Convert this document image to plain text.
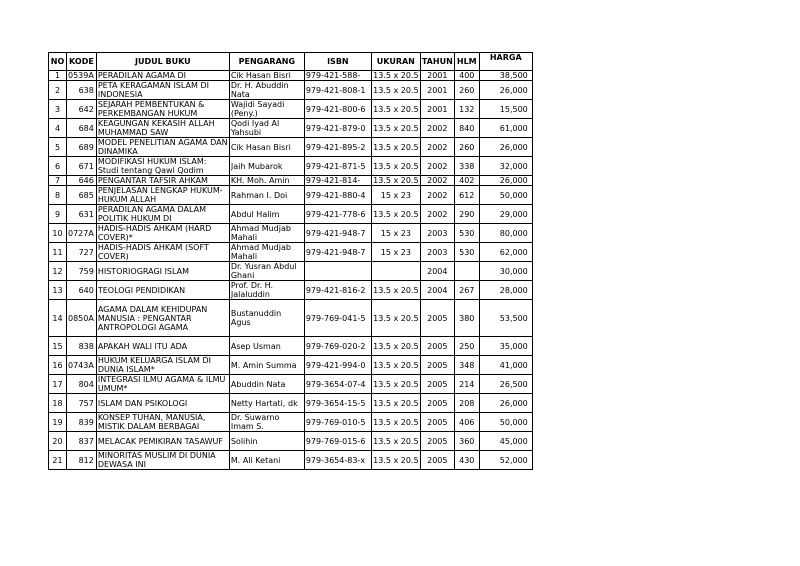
NO	KODE	JUDUL BUKU	PENGARANG	ISBN	UKURAN	TAHUN	HLM	HARGA

1	0539A	PERADILAN AGAMA DI	Cik Hasan Bisri	979-421-588-	13.5 x 20.5	2001	400	38,500

2	638	PETA KERAGAMAN ISLAM DI INDONESIA	Dr. H. Abuddin Nata	979-421-808-1	13.5 x 20.5	2001	260	26,000

3	642	SEJARAH PEMBENTUKAN & PERKEMBANGAN HUKUM	Wajidi Sayadi (Peny.)	979-421-800-6	13.5 x 20.5	2001	132	15,500

4	684	KEAGUNGAN KEKASIH ALLAH MUHAMMAD SAW	Qodi Iyad Al Yahsubi	979-421-879-0	13.5 x 20.5	2002	840	61,000

5	689	MODEL PENELITIAN AGAMA DAN DINAMIKA	Cik Hasan Bisri	979-421-895-2	13.5 x 20.5	2002	260	26,000

6	671	MODIFIKASI HUKUM ISLAM: Studi tentang Qawl Qodim	Jaih Mubarok	979-421-871-5	13.5 x 20.5	2002	338	32,000

7	646	PENGANTAR TAFSIR AHKAM	KH. Moh. Amin	979-421-814-	13.5 x 20.5	2002	402	26,000

8	685	PENJELASAN LENGKAP HUKUM-HUKUM ALLAH	Rahman I. Doi	979-421-880-4	15 x 23	2002	612	50,000

9	631	PERADILAN AGAMA DALAM POLITIK HUKUM DI	Abdul Halim	979-421-778-6	13.5 x 20.5	2002	290	29,000

10	0727A	HADIS-HADIS AHKAM (HARD COVER)*	Ahmad Mudjab Mahali	979-421-948-7	15 x 23	2003	530	80,000

11	727	HADIS-HADIS AHKAM (SOFT COVER)	Ahmad Mudjab Mahali	979-421-948-7	15 x 23	2003	530	62,000

12	759	HISTORIOGRAGI ISLAM	Dr. Yusran Abdul Ghani			2004		30,000

13	640	TEOLOGI PENDIDIKAN	Prof. Dr. H. Jalaluddin	979-421-816-2	13.5 x 20.5	2004	267	28,000

14	0850A	AGAMA DALAM KEHIDUPAN MANUSIA : PENGANTAR ANTROPOLOGI AGAMA	Bustanuddin Agus	979-769-041-5	13.5 x 20.5	2005	380	53,500

15	838	APAKAH WALI ITU ADA	Asep Usman	979-769-020-2	13.5 x 20.5	2005	250	35,000

16	0743A	HUKUM KELUARGA ISLAM DI DUNIA ISLAM*	M. Amin Summa	979-421-994-0	13.5 x 20.5	2005	348	41,000

17	804	INTEGRASI ILMU AGAMA & ILMU UMUM*	Abuddin Nata	979-3654-07-4	13.5 x 20.5	2005	214	26,500

18	757	ISLAM DAN PSIKOLOGI	Netty Hartati, dk	979-3654-15-5	13.5 x 20.5	2005	208	26,000

19	839	KONSEP TUHAN, MANUSIA, MISTIK DALAM BERBAGAI	Dr. Suwarno Imam S.	979-769-010-5	13.5 x 20.5	2005	406	50,000

20	837	MELACAK PEMIKIRAN TASAWUF	Solihin	979-769-015-6	13.5 x 20.5	2005	360	45,000

21	812	MINORITAS MUSLIM DI DUNIA DEWASA INI	M. Ali Ketani	979-3654-83-x	13.5 x 20.5	2005	430	52,000
